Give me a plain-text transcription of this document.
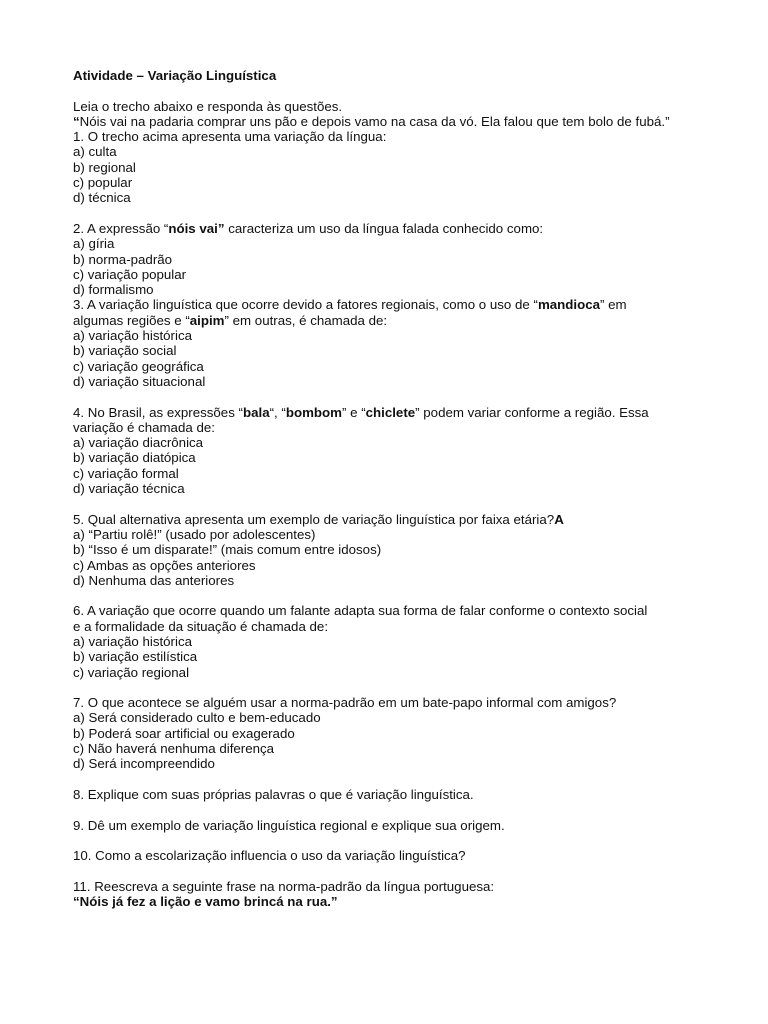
Atividade – Variação Linguística

Leia o trecho abaixo e responda às questões.

“Nóis vai na padaria comprar uns pão e depois vamo na casa da vó. Ela falou que tem bolo de fubá.”

1. O trecho acima apresenta uma variação da língua:

a) culta

b) regional

c) popular

d) técnica

2. A expressão “nóis vai” caracteriza um uso da língua falada conhecido como:

a) gíria

b) norma-padrão

c) variação popular

d) formalismo

3. A variação linguística que ocorre devido a fatores regionais, como o uso de “mandioca” em

algumas regiões e “aipim” em outras, é chamada de:

a) variação histórica

b) variação social

c) variação geográfica

d) variação situacional

4. No Brasil, as expressões “bala“, “bombom” e “chiclete” podem variar conforme a região. Essa

variação é chamada de:

a) variação diacrônica

b) variação diatópica

c) variação formal

d) variação técnica

5. Qual alternativa apresenta um exemplo de variação linguística por faixa etária?A

a) “Partiu rolê!” (usado por adolescentes)

b) “Isso é um disparate!” (mais comum entre idosos)

c) Ambas as opções anteriores

d) Nenhuma das anteriores

6. A variação que ocorre quando um falante adapta sua forma de falar conforme o contexto social

e a formalidade da situação é chamada de:

a) variação histórica

b) variação estilística

c) variação regional

7. O que acontece se alguém usar a norma-padrão em um bate-papo informal com amigos?

a) Será considerado culto e bem-educado

b) Poderá soar artificial ou exagerado

c) Não haverá nenhuma diferença

d) Será incompreendido

8. Explique com suas próprias palavras o que é variação linguística.

9. Dê um exemplo de variação linguística regional e explique sua origem.

10. Como a escolarização influencia o uso da variação linguística?

11. Reescreva a seguinte frase na norma-padrão da língua portuguesa:

“Nóis já fez a lição e vamo brincá na rua.”
